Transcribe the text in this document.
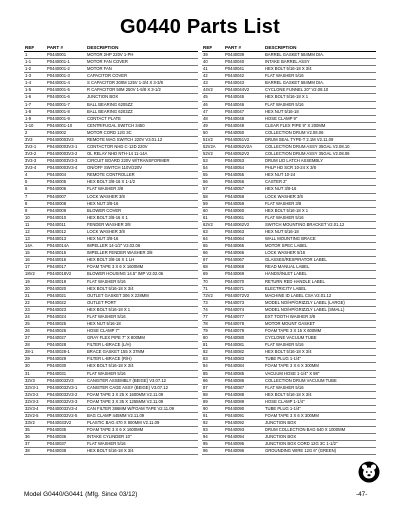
G0440 Parts List
REF	PART #	DESCRIPTION
1	P0440001	MOTOR 2HP 220V 1-PH
1-1	P0440001-1	MOTOR FAN COVER
1-2	P0440001-2	MOTOR FAN
1-3	P0440001-3	CAPACITOR COVER
1-4	P0440001-4	S CAPACITOR 300M 125V 1-3/4 X 3-3/8
1-5	P0440001-5	R CAPACITOR 50M 250V 1-5/8 X 3-1/2
1-6	P0440001-6	JUNCTION BOX
1-7	P0440001-7	BALL BEARING 6205ZZ
1-8	P0440001-8	BALL BEARING 6203ZZ
1-9	P0440001-9	CONTACT PLATE
1-10	P0440001-10	CENTRIFUGAL SWITCH 3450
2	P0440002	MOTOR CORD 12G 3C
3V3	P04400003V3	REMOTE MAG SWITCH 220V V3.01.12
3V3-1	P04400003V3-1	CONTACTOR NHD C-12D 220V
3V3-2	P04400003V3-2	OL RELAY NHD NTH-14 11-14A
3V3-3	P04400003V3-3	CIRCUIT BOARD 220V W/TRANSFORMER
3V3-4	P04400003V3-4	ON/OFF SWITCH 110V/220V
4	P0440004	REMOTE CONTROLLER
5	P0440005	HEX BOLT 3/8-16 X 1-1/2
6	P0440006	FLAT WASHER 3/8
7	P0440007	LOCK WASHER 3/8
8	P0440008	HEX NUT 3/8-16
9	P0440009	BLOWER COVER
10	P0440010	HEX BOLT 3/8-16 X 1
11	P0440011	FENDER WASHER 3/8
12	P0440012	LOCK WASHER 3/8
13	P0440013	HEX NUT 3/8-16
14A	P0440014A	IMPELLER 14-1/2" V2.02.06
15	P0440015	IMPELLER FENDER WASHER 3/8
16	P0440016	HEX BOLT 3/8-16 X 1 LH
17	P0440017	FOAM TAPE 3 X 6 X 1600MM
18V2	P0440018V2	BLOWER HOUSING 14.5" IMP V2.02.06
19	P0440019	FLAT WASHER 5/16
20	P0440020	HEX BOLT 5/16-18 X 3/4
21	P0440021	OUTLET GASKET 306 X 228MM
22	P0440022	OUTLET PORT
23	P0440023	HEX BOLT 5/16-18 X 1
24	P0440024	FLAT WASHER 5/16
25	P0440025	HEX NUT 5/16-18
26	P0440026	HOSE CLAMP 7"
27	P0440027	GRAY FLEX PIPE 7" X 800MM
28	P0440028	FILTER L-BRACE (L/H)
28-1	P0440028-1	BRACE GASKET 155 X 37MM
29	P0440029	FILTER L-BRACE (R/H)
30	P0440030	HEX BOLT 5/16-18 X 3/4
31	P0440031	FLAT WASHER 5/16
32V3	P04400032V3	CANISTER ASSEMBLY (BEIGE) V3.07.12
32V3-1	P04400032V3-1	CANISTER CAGE ASSY (BEIGE) V3.07.12
32V3-2	P04400032V3-2	FOAM TAPE 3 X 25 X 1600MM V2.11.09
32V3-3	P04400032V3-3	FOAM TAPE 3 X 35 X 1255MM V2.11.09
32V3-4	P04400032V3-4	CAN FILTER 386MM W/FOAM TAPE V2.11.09
32V2-5	P04400032V2-5	BAG CLAMP 445MM V2.11.09
33V2	P0440033V2	PLASTIC BAG 470 X 800MM V2.11.09
35	P0440035	FOAM TAPE 3 X 6 X 1600MM
36	P0440036	INTAKE CYLINDER 10"
37	P0440037	FLAT WASHER 5/16
38	P0440038	HEX BOLT 5/16-18 X 3/4
REF	PART #	DESCRIPTION
39	P0440039	BARREL GASKET 584MM DIA.
40	P0440040	INTAKE BARREL ASSY
41	P0440041	HEX BOLT 5/16-18 X 3/4
42	P0440042	FLAT WASHER 5/16
43	P0440043	BARREL GASKET 584MM DIA.
44V2	P0440044V2	CYCLONE FUNNEL 20" V2.08.10
45	P0440045	HEX BOLT 5/16-18 X 1
46	P0440046	FLAT WASHER 5/16
47	P0440047	HEX NUT 5/16-18
48	P0440048	HOSE CLAMP 9"
49	P0440049	CLEAR FLEX PIPE 9" X 200MM
50	P0440050	COLLECTION DRUM V2.08.06
51V2	P0440051V2	DRUM SEAL TYPE-T 2.1M V2.11.09
52V2A	P0440052V2A	COLLECTION DRUM ASSY 35GAL V2.08.10
52V2	P0440052V2	COLLECTION DRUM ASSY 35GAL V2.08.06
53	P0440053	DRUM LID LATCH ASSEMBLY
54	P0440054	PHLP HD SCR 10-24 X 3/8
55	P0440055	HEX NUT 10-24
56	P0440056	CASTER 2"
57	P0440057	HEX NUT 3/8-16
58	P0440058	LOCK WASHER 3/8
59	P0440059	FLAT WASHER 3/8
60	P0440060	HEX BOLT 5/16-18 X 1
61	P0440061	FLAT WASHER 5/16
62V2	P0440062V2	SWITCH MOUNTING BRACKET V2.01.12
63	P0440063	HEX NUT 5/16-18
64	P0440064	WALL MOUNTING BRACE
65	P0440065	MOTOR SPEC LABEL
66	P0440066	LOCK WASHER 5/16
67	P0440067	GLASSES/RESPIRATOR LABEL
68	P0440068	READ MANUAL LABEL
69	P0440069	HANDS/INLET LABEL
70	P0440070	RETURN RED HANDLE LABEL
71	P0440071	ELECTRICITY LABEL
72V2	P0440072V2	MACHINE ID LABEL CSA V2.01.12
73	P0440073	MODEL NO/HP/GRIZZLY LABEL (LARGE)
74	P0440074	MODEL NO/HP/GRIZZLY LABEL (SMALL)
77	P0440077	EXT TOOTH WASHER 3/8
78	P0440078	MOTOR MOUNT GASKET
79	P0440079	FOAM TAPE 3 X 15 X 600MM
80	P0440080	CYCLONE VACUUM TUBE
81	P0440081	FLAT WASHER 5/16
82	P0440082	HEX BOLT 5/16-18 X 3/4
83	P0440083	TUBE PLUG 1-1/4"
84	P0440084	FOAM TAPE 3 X 6 X 300MM
85	P0440085	VACUUM HOSE 1-1/4" X 98"
86	P0440086	COLLECTION DRUM VACUUM TUBE
87	P0440087	FLAT WASHER 5/16
88	P0440088	HEX BOLT 5/16-18 X 3/4
89	P0440089	HOSE CLAMP 1-1/4"
90	P0440090	TUBE PLUG 1-1/4"
91	P0440091	FOAM TAPE 3 X 6 X 300MM
92	P0440092	JUNCTION BOX
93	P0440093	DRUM COLLECTION BAG 640 X 1000MM
94	P0440094	JUNCTION BOX
95	P0440095	JUNCTION BOX CORD 12G 3C 1-1/2"
96	P0440096	GROUNDING WIRE 12G 6" (GREEN)
Model G0440/G0441 (Mfg. Since 03/12)	-47-
